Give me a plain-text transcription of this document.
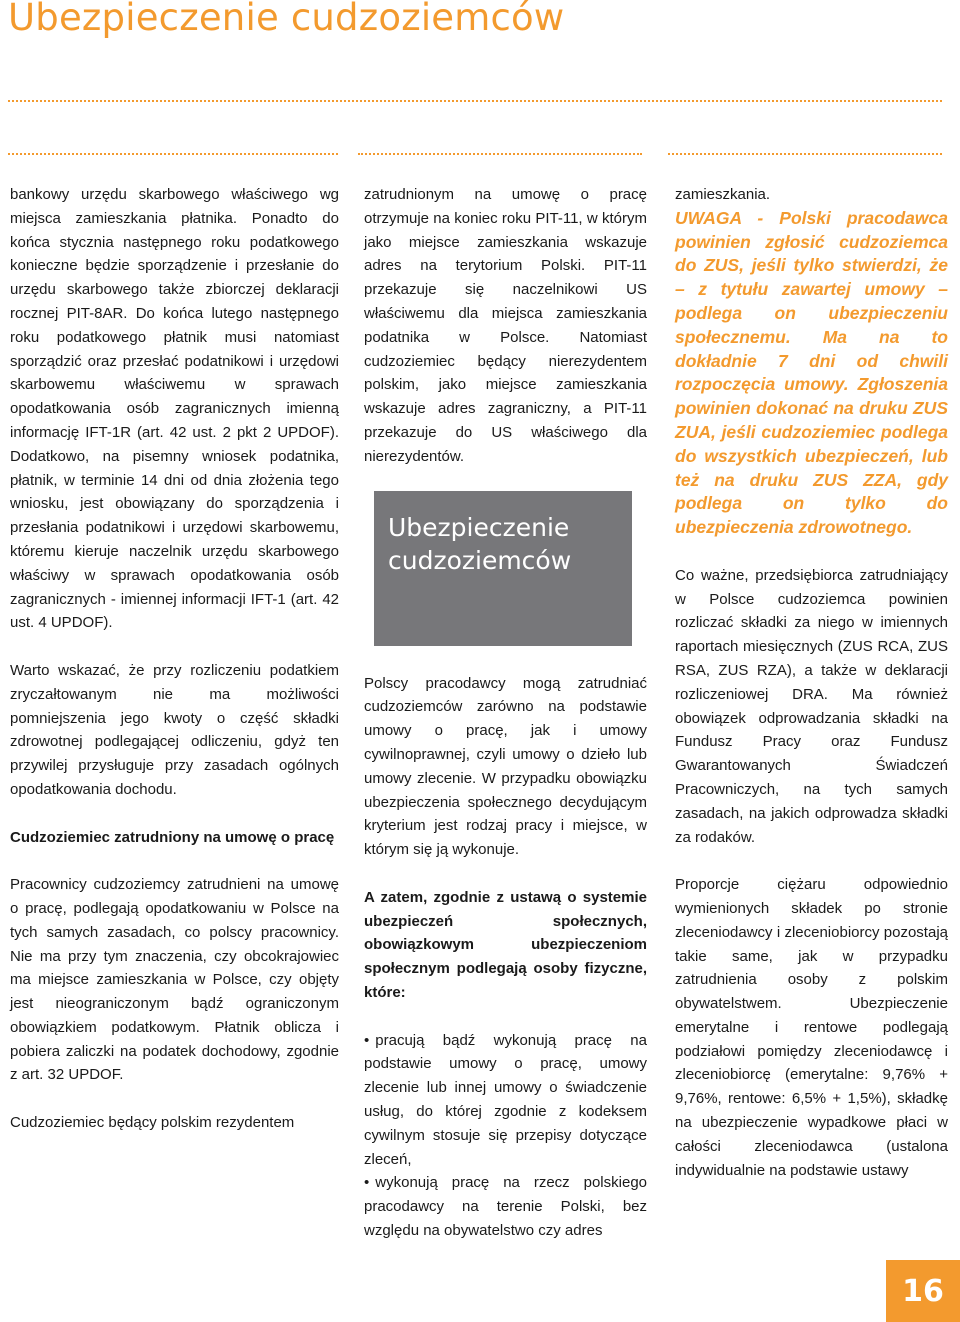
Ubezpieczenie cudzoziemców

bankowy urzędu skarbowego właściwego wg miejsca zamieszkania płatnika. Ponadto do końca stycznia następnego roku podatkowego konieczne będzie sporządzenie i przesłanie do urzędu skarbowego także zbiorczej deklaracji rocznej PIT-8AR. Do końca lutego następnego roku podatkowego płatnik musi natomiast sporządzić oraz przesłać podatnikowi i urzędowi skarbowemu właściwemu w sprawach opodatkowania osób zagranicznych imienną informację IFT-1R (art. 42 ust. 2 pkt 2 UPDOF). Dodatkowo, na pisemny wniosek podatnika, płatnik, w terminie 14 dni od dnia złożenia tego wniosku, jest obowiązany do sporządzenia i przesłania podatnikowi i urzędowi skarbowemu, któremu kieruje naczelnik urzędu skarbowego właściwy w sprawach opodatkowania osób zagranicznych - imiennej informacji IFT-1 (art. 42 ust. 4 UPDOF).

Warto wskazać, że przy rozliczeniu podatkiem zryczałtowanym nie ma możliwości pomniejszenia jego kwoty o część składki zdrowotnej podlegającej odliczeniu, gdyż ten przywilej przysługuje przy zasadach ogólnych opodatkowania dochodu.

Cudzoziemiec zatrudniony na umowę o pracę

Pracownicy cudzoziemcy zatrudnieni na umowę o pracę, podlegają opodatkowaniu w Polsce na tych samych zasadach, co polscy pracownicy. Nie ma przy tym znaczenia, czy obcokrajowiec ma miejsce zamieszkania w Polsce, czy objęty jest nieograniczonym bądź ograniczonym obowiązkiem podatkowym. Płatnik oblicza i pobiera zaliczki na podatek dochodowy, zgodnie z art. 32 UPDOF.

Cudzoziemiec będący polskim rezydentem

zatrudnionym na umowę o pracę otrzymuje na koniec roku PIT-11, w którym jako miejsce zamieszkania wskazuje adres na terytorium Polski. PIT-11 przekazuje się naczelnikowi US właściwemu dla miejsca zamieszkania podatnika w Polsce. Natomiast cudzoziemiec będący nierezydentem polskim, jako miejsce zamieszkania wskazuje adres zagraniczny, a PIT-11 przekazuje do US właściwego dla nierezydentów.

Ubezpieczenie cudzoziemców

Polscy pracodawcy mogą zatrudniać cudzoziemców zarówno na podstawie umowy o pracę, jak i umowy cywilnoprawnej, czyli umowy o dzieło lub umowy zlecenie. W przypadku obowiązku ubezpieczenia społecznego decydującym kryterium jest rodzaj pracy i miejsce, w którym się ją wykonuje.

A zatem, zgodnie z ustawą o systemie ubezpieczeń społecznych, obowiązkowym ubezpieczeniom społecznym podlegają osoby fizyczne, które:

• pracują bądź wykonują pracę na podstawie umowy o pracę, umowy zlecenie lub innej umowy o świadczenie usług, do której zgodnie z kodeksem cywilnym stosuje się przepisy dotyczące zleceń,
• wykonują pracę na rzecz polskiego pracodawcy na terenie Polski, bez względu na obywatelstwo czy adres

zamieszkania.

UWAGA - Polski pracodawca powinien zgłosić cudzoziemca do ZUS, jeśli tylko stwierdzi, że – z tytułu zawartej umowy – podlega on ubezpieczeniu społecznemu. Ma na to dokładnie 7 dni od chwili rozpoczęcia umowy. Zgłoszenia powinien dokonać na druku ZUS ZUA, jeśli cudzoziemiec podlega do wszystkich ubezpieczeń, lub też na druku ZUS ZZA, gdy podlega on tylko do ubezpieczenia zdrowotnego.

Co ważne, przedsiębiorca zatrudniający w Polsce cudzoziemca powinien rozliczać składki za niego w imiennych raportach miesięcznych (ZUS RCA, ZUS RSA, ZUS RZA), a także w deklaracji rozliczeniowej DRA. Ma również obowiązek odprowadzania składki na Fundusz Pracy oraz Fundusz Gwarantowanych Świadczeń Pracowniczych, na tych samych zasadach, na jakich odprowadza składki za rodaków.

Proporcje ciężaru odpowiednio wymienionych składek po stronie zleceniodawcy i zleceniobiorcy pozostają takie same, jak w przypadku zatrudnienia osoby z polskim obywatelstwem. Ubezpieczenie emerytalne i rentowe podlegają podziałowi pomiędzy zleceniodawcę i zleceniobiorcę (emerytalne: 9,76% + 9,76%, rentowe: 6,5% + 1,5%), składkę na ubezpieczenie wypadkowe płaci w całości zleceniodawca (ustalona indywidualnie na podstawie ustawy

16
